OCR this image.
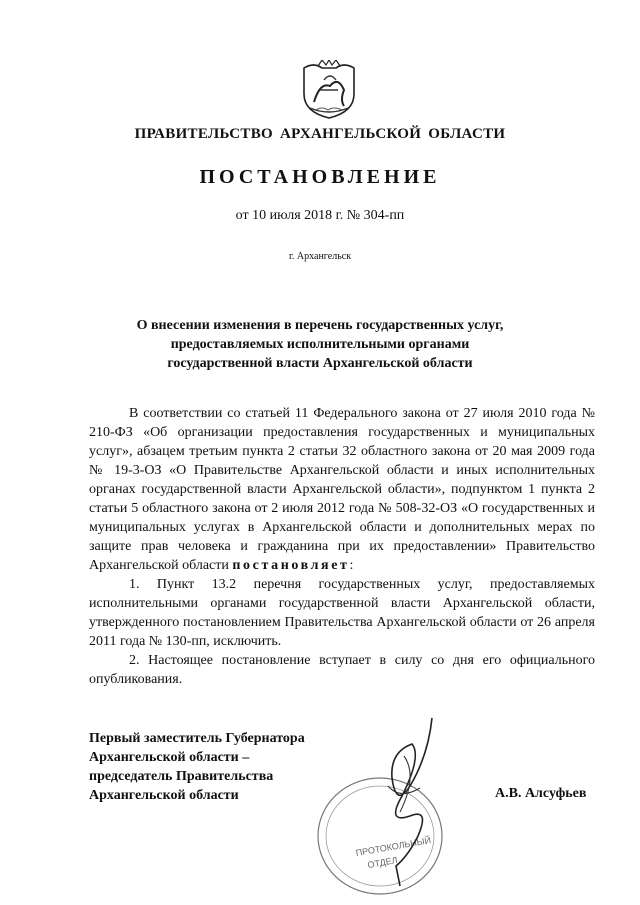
ПРАВИТЕЛЬСТВО АРХАНГЕЛЬСКОЙ ОБЛАСТИ
ПОСТАНОВЛЕНИЕ
от 10 июля 2018 г. № 304-пп
г. Архангельск
О внесении изменения в перечень государственных услуг,
предоставляемых исполнительными органами
государственной власти Архангельской области

В соответствии со статьей 11 Федерального закона от 27 июля 2010 года № 210-ФЗ «Об организации предоставления государственных и муниципальных услуг», абзацем третьим пункта 2 статьи 32 областного закона от 20 мая 2009 года № 19-3-ОЗ «О Правительстве Архангельской области и иных исполнительных органах государственной власти Архангельской области», подпунктом 1 пункта 2 статьи 5 областного закона от 2 июля 2012 года № 508-32-ОЗ «О государственных и муниципальных услугах в Архангельской области и дополнительных мерах по защите прав человека и гражданина при их предоставлении» Правительство Архангельской области постановляет:

1. Пункт 13.2 перечня государственных услуг, предоставляемых исполнительными органами государственной власти Архангельской области, утвержденного постановлением Правительства Архангельской области от 26 апреля 2011 года № 130-пп, исключить.

2. Настоящее постановление вступает в силу со дня его официального опубликования.

Первый заместитель Губернатора
Архангельской области –
председатель Правительства
Архангельской области	А.В. Алсуфьев
ПРОТОКОЛЬНЫЙ
ОТДЕЛ
